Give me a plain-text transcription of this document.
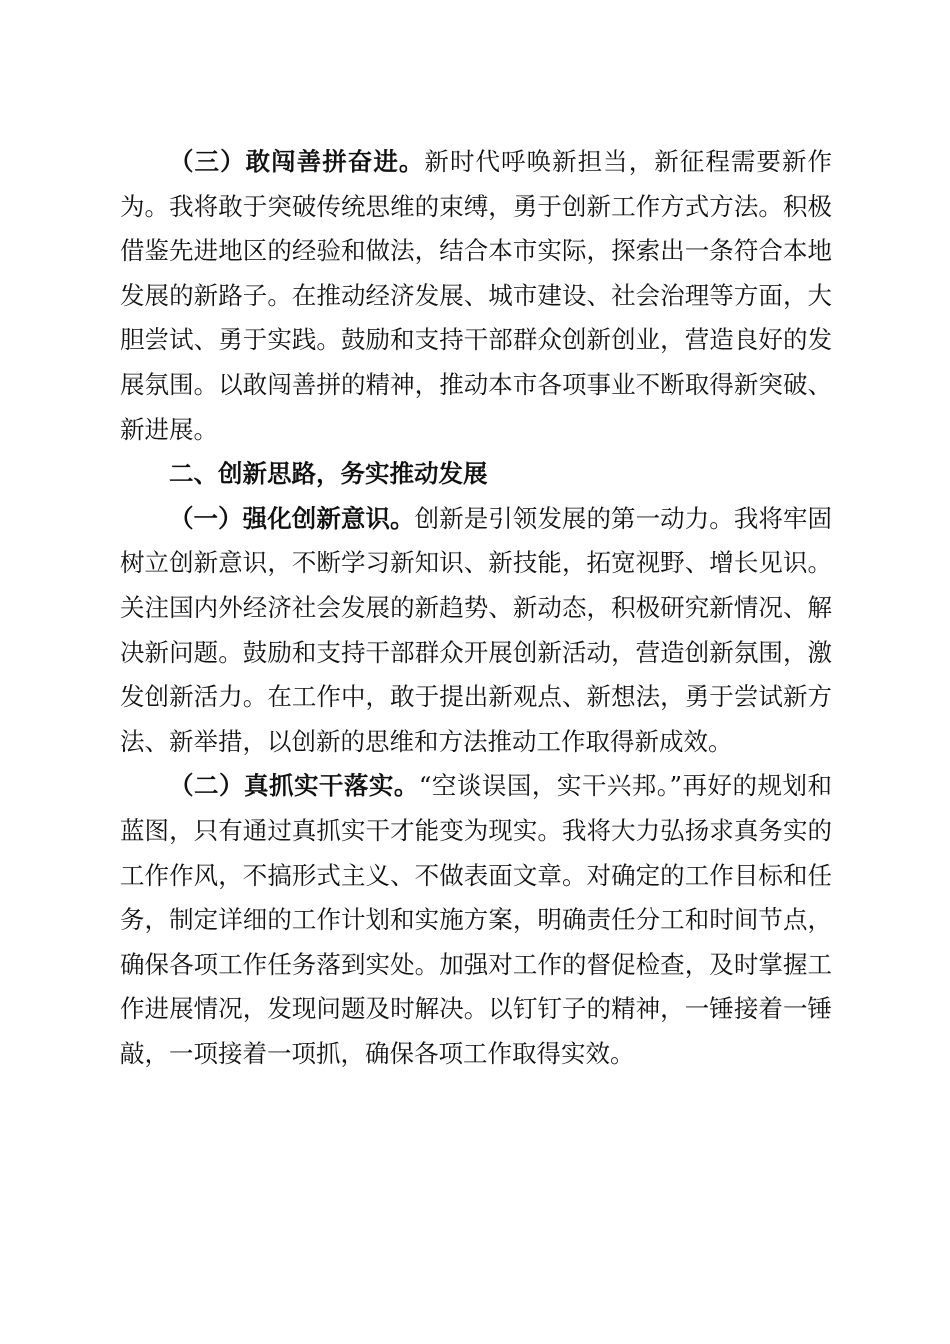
（三）敢闯善拼奋进。新时代呼唤新担当，新征程需要新作为。我将敢于突破传统思维的束缚，勇于创新工作方式方法。积极借鉴先进地区的经验和做法，结合本市实际，探索出一条符合本地发展的新路子。在推动经济发展、城市建设、社会治理等方面，大胆尝试、勇于实践。鼓励和支持干部群众创新创业，营造良好的发展氛围。以敢闯善拼的精神，推动本市各项事业不断取得新突破、新进展。

二、创新思路，务实推动发展

（一）强化创新意识。创新是引领发展的第一动力。我将牢固树立创新意识，不断学习新知识、新技能，拓宽视野、增长见识。关注国内外经济社会发展的新趋势、新动态，积极研究新情况、解决新问题。鼓励和支持干部群众开展创新活动，营造创新氛围，激发创新活力。在工作中，敢于提出新观点、新想法，勇于尝试新方法、新举措，以创新的思维和方法推动工作取得新成效。

（二）真抓实干落实。“空谈误国，实干兴邦。”再好的规划和蓝图，只有通过真抓实干才能变为现实。我将大力弘扬求真务实的工作作风，不搞形式主义、不做表面文章。对确定的工作目标和任务，制定详细的工作计划和实施方案，明确责任分工和时间节点，确保各项工作任务落到实处。加强对工作的督促检查，及时掌握工作进展情况，发现问题及时解决。以钉钉子的精神，一锤接着一锤敲，一项接着一项抓，确保各项工作取得实效。
